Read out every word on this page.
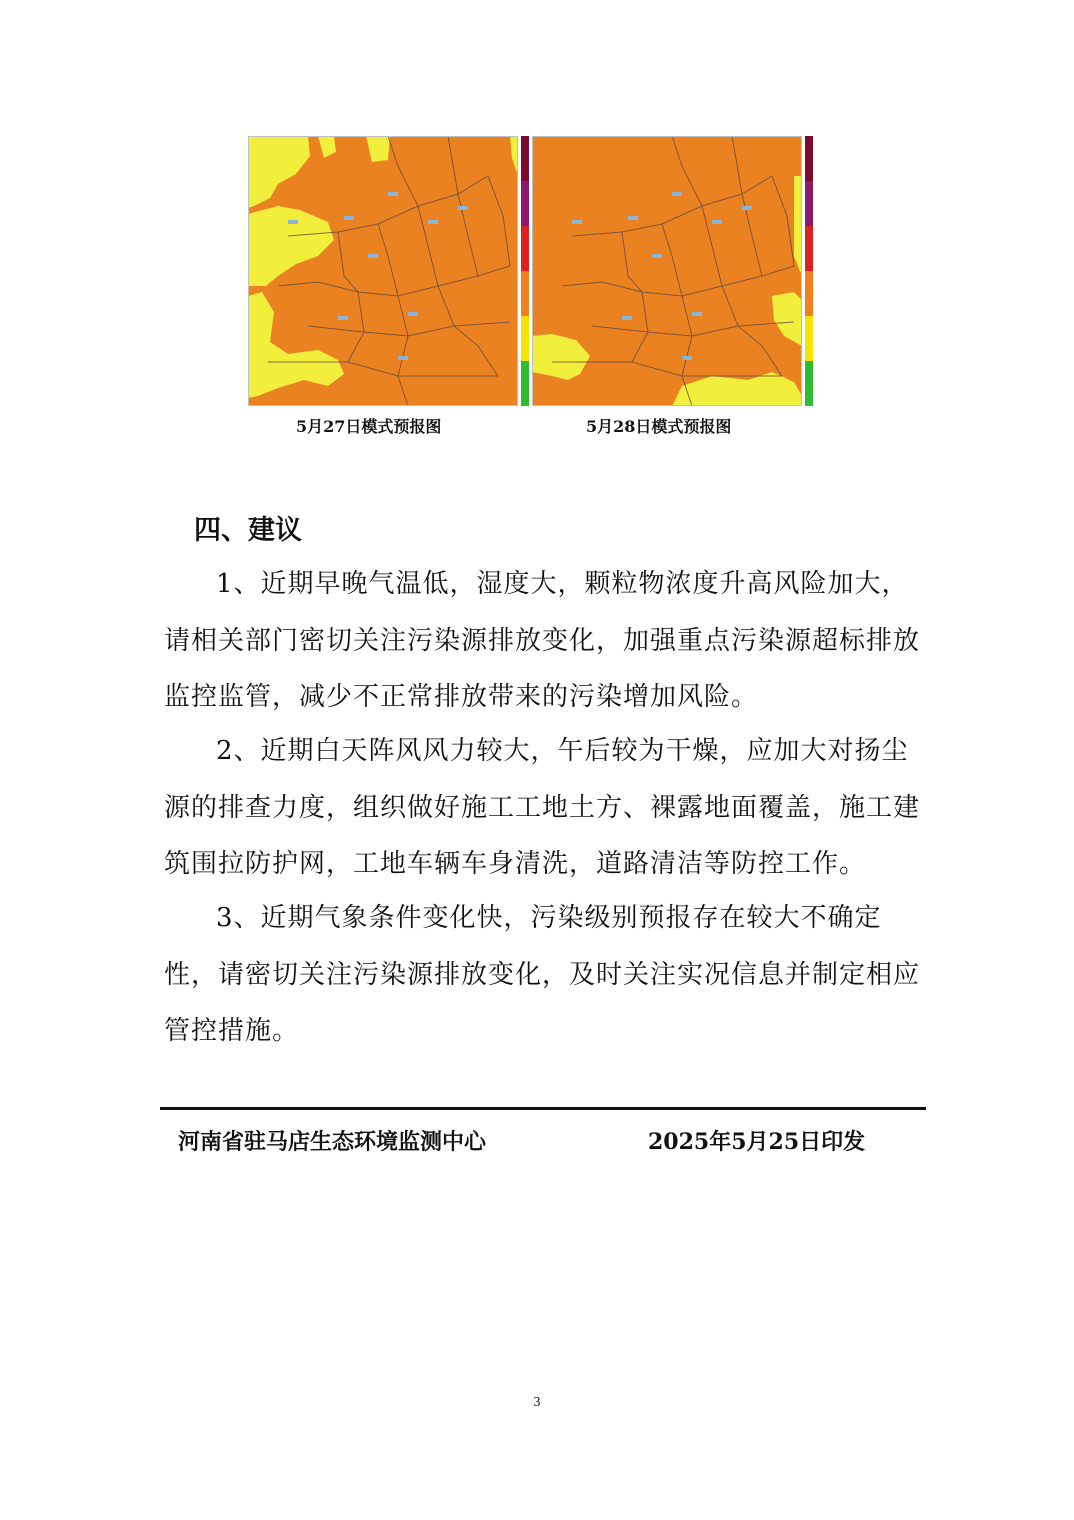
5月27日模式预报图	5月28日模式预报图
四、建议

1、近期早晚气温低，湿度大，颗粒物浓度升高风险加大，请相关部门密切关注污染源排放变化，加强重点污染源超标排放监控监管，减少不正常排放带来的污染增加风险。

2、近期白天阵风风力较大，午后较为干燥，应加大对扬尘源的排查力度，组织做好施工工地土方、裸露地面覆盖，施工建筑围拉防护网，工地车辆车身清洗，道路清洁等防控工作。

3、近期气象条件变化快，污染级别预报存在较大不确定性，请密切关注污染源排放变化，及时关注实况信息并制定相应管控措施。

河南省驻马店生态环境监测中心	2025年5月25日印发
3
